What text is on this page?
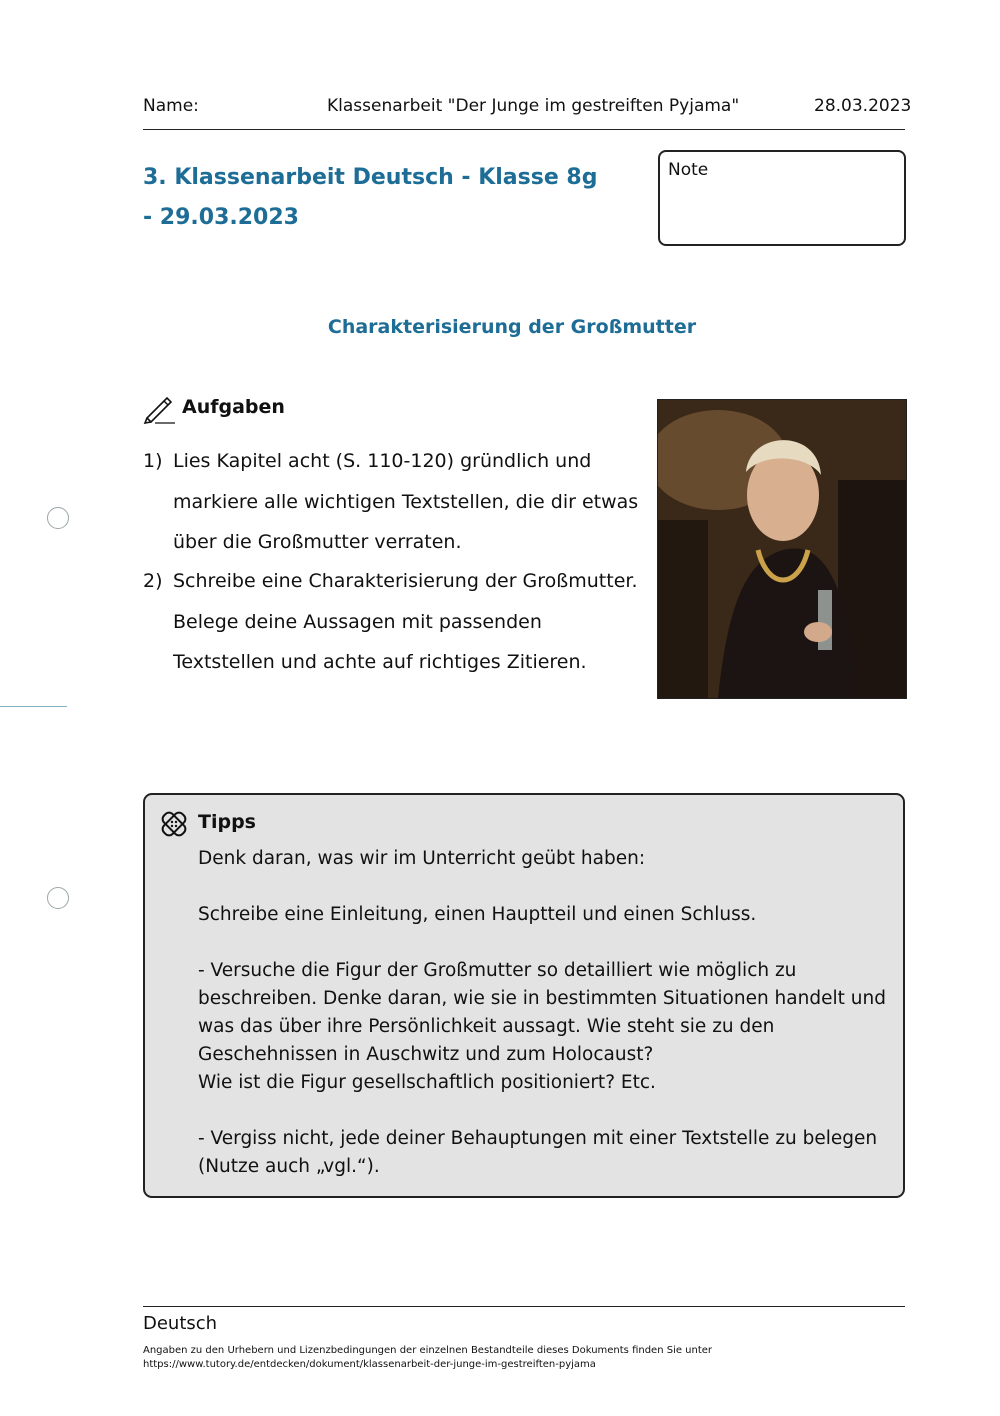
Name:	Klassenarbeit "Der Junge im gestreiften Pyjama"	28.03.2023
3. Klassenarbeit Deutsch - Klasse 8g - 29.03.2023
Note
Charakterisierung der Großmutter
Aufgaben
1) Lies Kapitel acht (S. 110-120) gründlich und markiere alle wichtigen Textstellen, die dir etwas über die Großmutter verraten.
2) Schreibe eine Charakterisierung der Großmutter. Belege deine Aussagen mit passenden Textstellen und achte auf richtiges Zitieren.
Tipps
Denk daran, was wir im Unterricht geübt haben:

Schreibe eine Einleitung, einen Hauptteil und einen Schluss.

- Versuche die Figur der Großmutter so detailliert wie möglich zu beschreiben. Denke daran, wie sie in bestimmten Situationen handelt und was das über ihre Persönlichkeit aussagt. Wie steht sie zu den Geschehnissen in Auschwitz und zum Holocaust?
Wie ist die Figur gesellschaftlich positioniert? Etc.

- Vergiss nicht, jede deiner Behauptungen mit einer Textstelle zu belegen (Nutze auch „vgl.“).
Deutsch
Angaben zu den Urhebern und Lizenzbedingungen der einzelnen Bestandteile dieses Dokuments finden Sie unter https://www.tutory.de/entdecken/dokument/klassenarbeit-der-junge-im-gestreiften-pyjama
